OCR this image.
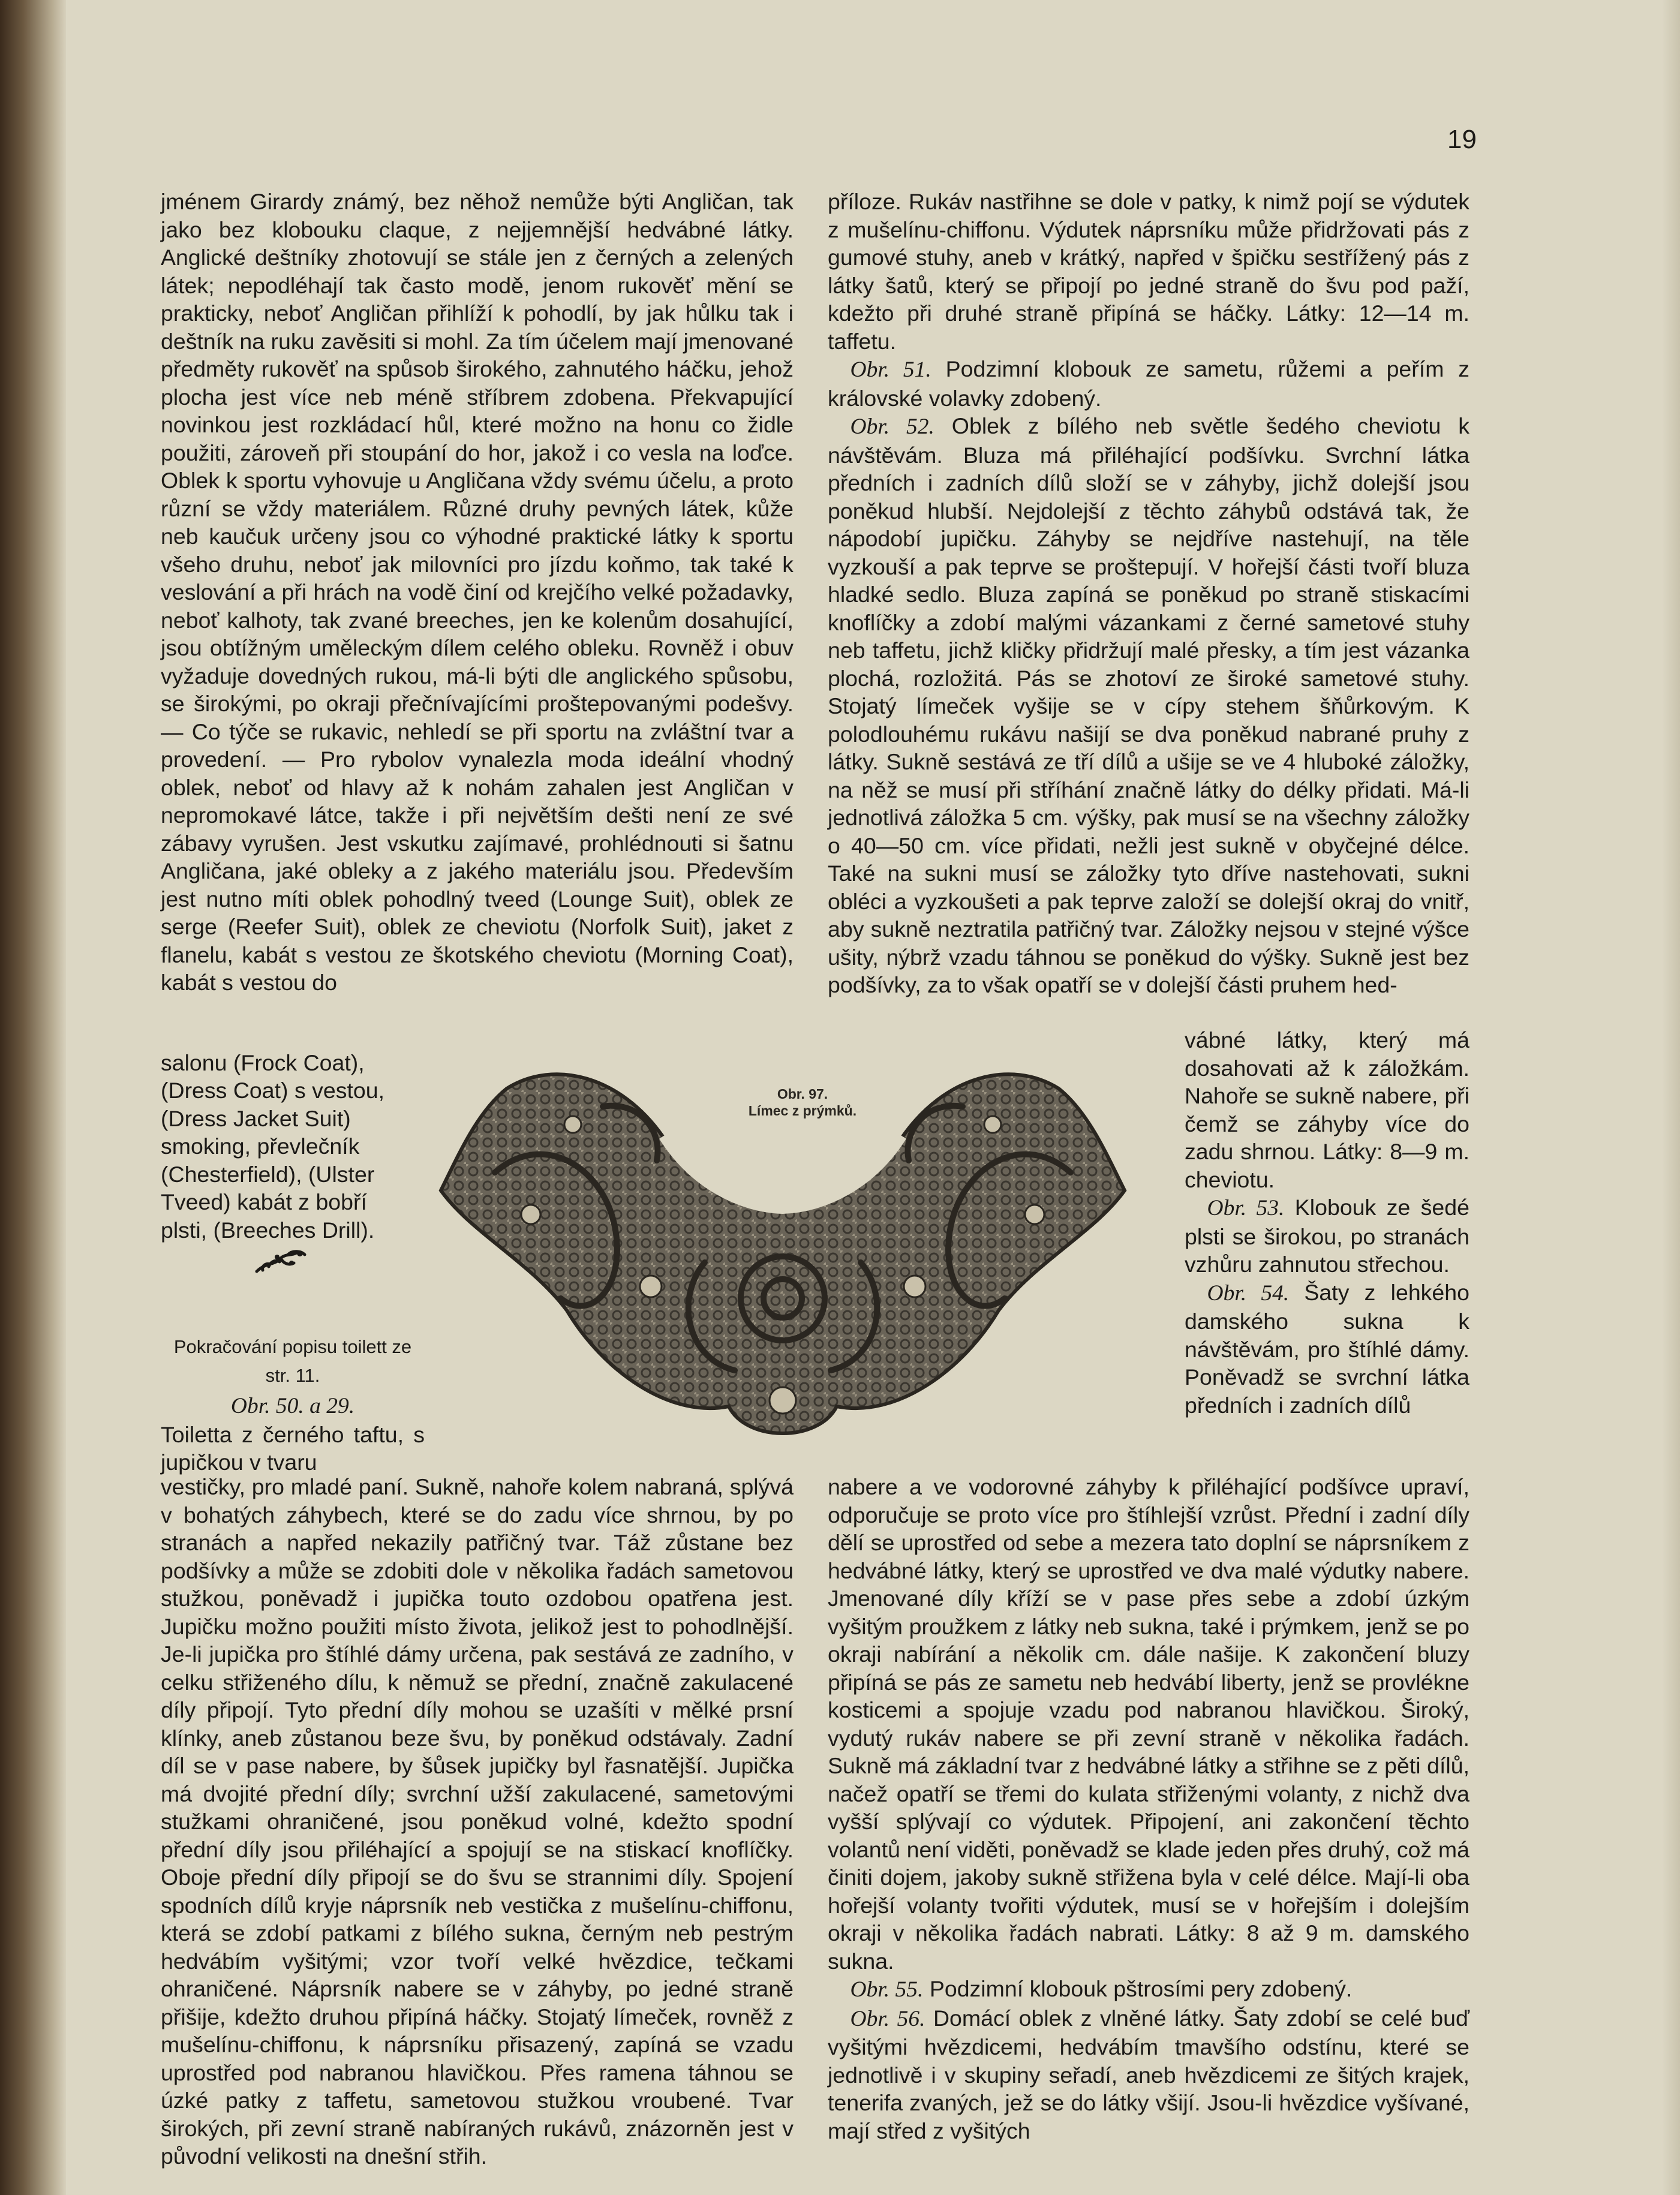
19

jménem Girardy známý, bez něhož nemůže býti Angličan, tak jako bez klobouku claque, z nejjemnější hedvábné látky. Anglické deštníky zhotovují se stále jen z černých a zelených látek; nepodléhají tak často modě, jenom rukověť mění se prakticky, neboť Angličan přihlíží k pohodlí, by jak hůlku tak i deštník na ruku zavěsiti si mohl. Za tím účelem mají jmenované předměty rukověť na spůsob širokého, zahnutého háčku, jehož plocha jest více neb méně stříbrem zdobena. Překvapující novinkou jest rozkládací hůl, které možno na honu co židle použiti, zároveň při stoupání do hor, jakož i co vesla na loďce. Oblek k sportu vyhovuje u Angličana vždy svému účelu, a proto různí se vždy materiálem. Různé druhy pevných látek, kůže neb kaučuk určeny jsou co výhodné praktické látky k sportu všeho druhu, neboť jak milovníci pro jízdu koňmo, tak také k veslování a při hrách na vodě činí od krejčího velké požadavky, neboť kalhoty, tak zvané breeches, jen ke kolenům dosahující, jsou obtížným uměleckým dílem celého obleku. Rovněž i obuv vyžaduje dovedných rukou, má-li býti dle anglického spůsobu, se širokými, po okraji přečnívajícími proštepovanými podešvy. — Co týče se rukavic, nehledí se při sportu na zvláštní tvar a provedení. — Pro rybolov vynalezla moda ideální vhodný oblek, neboť od hlavy až k nohám zahalen jest Angličan v nepromokavé látce, takže i při největším dešti není ze své zábavy vyrušen. Jest vskutku zajímavé, prohlédnouti si šatnu Angličana, jaké obleky a z jakého materiálu jsou. Především jest nutno míti oblek pohodlný tveed (Lounge Suit), oblek ze serge (Reefer Suit), oblek ze cheviotu (Norfolk Suit), jaket z flanelu, kabát s vestou ze škotského cheviotu (Morning Coat), kabát s vestou do

salonu (Frock Coat), (Dress Coat) s vestou, (Dress Jacket Suit) smoking, převlečník (Chesterfield), (Ulster Tveed) kabát z bobří plsti, (Breeches Drill).

Pokračování popisu toilett ze str. 11.

Obr. 50. a 29.

Toiletta z černého taftu, s jupičkou v tvaru

vestičky, pro mladé paní. Sukně, nahoře kolem nabraná, splývá v bohatých záhybech, které se do zadu více shrnou, by po stranách a napřed nekazily patřičný tvar. Táž zůstane bez podšívky a může se zdobiti dole v několika řadách sametovou stužkou, poněvadž i jupička touto ozdobou opatřena jest. Jupičku možno použiti místo života, jelikož jest to pohodlnější. Je-li jupička pro štíhlé dámy určena, pak sestává ze zadního, v celku střiženého dílu, k němuž se přední, značně zakulacené díly připojí. Tyto přední díly mohou se uzašíti v mělké prsní klínky, aneb zůstanou beze švu, by poněkud odstávaly. Zadní díl se v pase nabere, by šůsek jupičky byl řasnatější. Jupička má dvojité přední díly; svrchní užší zakulacené, sametovými stužkami ohraničené, jsou poněkud volné, kdežto spodní přední díly jsou přiléhající a spojují se na stiskací knoflíčky. Oboje přední díly připojí se do švu se strannimi díly. Spojení spodních dílů kryje náprsník neb vestička z mušelínu-chiffonu, která se zdobí patkami z bílého sukna, černým neb pestrým hedvábím vyšitými; vzor tvoří velké hvězdice, tečkami ohraničené. Náprsník nabere se v záhyby, po jedné straně přišije, kdežto druhou připíná háčky. Stojatý límeček, rovněž z mušelínu-chiffonu, k náprsníku přisazený, zapíná se vzadu uprostřed pod nabranou hlavičkou. Přes ramena táhnou se úzké patky z taffetu, sametovou stužkou vroubené. Tvar širokých, při zevní straně nabíraných rukávů, znázorněn jest v původní velikosti na dnešní střih.

Obr. 97.
Límec z prýmků.

příloze. Rukáv nastřihne se dole v patky, k nimž pojí se výdutek z mušelínu-chiffonu. Výdutek náprsníku může přidržovati pás z gumové stuhy, aneb v krátký, napřed v špičku sestřížený pás z látky šatů, který se připojí po jedné straně do švu pod paží, kdežto při druhé straně připíná se háčky. Látky: 12—14 m. taffetu.

 Obr. 51. Podzimní klobouk ze sametu, růžemi a peřím z královské volavky zdobený.

 Obr. 52. Oblek z bílého neb světle šedého cheviotu k návštěvám. Bluza má přiléhající podšívku. Svrchní látka předních i zadních dílů složí se v záhyby, jichž dolejší jsou poněkud hlubší. Nejdolejší z těchto záhybů odstává tak, že nápodobí jupičku. Záhyby se nejdříve nastehují, na těle vyzkouší a pak teprve se proštepují. V hořejší části tvoří bluza hladké sedlo. Bluza zapíná se poněkud po straně stiskacími knoflíčky a zdobí malými vázankami z černé sametové stuhy neb taffetu, jichž kličky přidržují malé přesky, a tím jest vázanka plochá, rozložitá. Pás se zhotoví ze široké sametové stuhy. Stojatý límeček vyšije se v cípy stehem šňůrkovým. K polodlouhému rukávu našijí se dva poněkud nabrané pruhy z látky. Sukně sestává ze tří dílů a ušije se ve 4 hluboké záložky, na něž se musí při stříhání značně látky do délky přidati. Má-li jednotlivá záložka 5 cm. výšky, pak musí se na všechny záložky o 40—50 cm. více přidati, nežli jest sukně v obyčejné délce. Také na sukni musí se záložky tyto dříve nastehovati, sukni obléci a vyzkoušeti a pak teprve založí se dolejší okraj do vnitř, aby sukně neztratila patřičný tvar. Záložky nejsou v stejné výšce ušity, nýbrž vzadu táhnou se poněkud do výšky. Sukně jest bez podšívky, za to však opatří se v dolejší části pruhem hed-

vábné látky, který má dosahovati až k záložkám. Nahoře se sukně nabere, při čemž se záhyby více do zadu shrnou. Látky: 8—9 m. cheviotu.

 Obr. 53. Klobouk ze šedé plsti se širokou, po stranách vzhůru zahnutou střechou.

 Obr. 54. Šaty z lehkého damského sukna k návštěvám, pro štíhlé dámy. Poněvadž se svrchní látka předních i zadních dílů

nabere a ve vodorovné záhyby k přiléhající podšívce upraví, odporučuje se proto více pro štíhlejší vzrůst. Přední i zadní díly dělí se uprostřed od sebe a mezera tato doplní se náprsníkem z hedvábné látky, který se uprostřed ve dva malé výdutky nabere. Jmenované díly kříží se v pase přes sebe a zdobí úzkým vyšitým proužkem z látky neb sukna, také i prýmkem, jenž se po okraji nabírání a několik cm. dále našije. K zakončení bluzy připíná se pás ze sametu neb hedvábí liberty, jenž se provlékne kosticemi a spojuje vzadu pod nabranou hlavičkou. Široký, vydutý rukáv nabere se při zevní straně v několika řadách. Sukně má základní tvar z hedvábné látky a střihne se z pěti dílů, načež opatří se třemi do kulata střiženými volanty, z nichž dva vyšší splývají co výdutek. Připojení, ani zakončení těchto volantů není viděti, poněvadž se klade jeden přes druhý, což má činiti dojem, jakoby sukně střižena byla v celé délce. Mají-li oba hořejší volanty tvořiti výdutek, musí se v hořejším i dolejším okraji v několika řadách nabrati. Látky: 8 až 9 m. damského sukna.

 Obr. 55. Podzimní klobouk pštrosími pery zdobený.

 Obr. 56. Domácí oblek z vlněné látky. Šaty zdobí se celé buď vyšitými hvězdicemi, hedvábím tmavšího odstínu, které se jednotlivě i v skupiny seřadí, aneb hvězdicemi ze šitých krajek, tenerifa zvaných, jež se do látky všijí. Jsou-li hvězdice vyšívané, mají střed z vyšitých
